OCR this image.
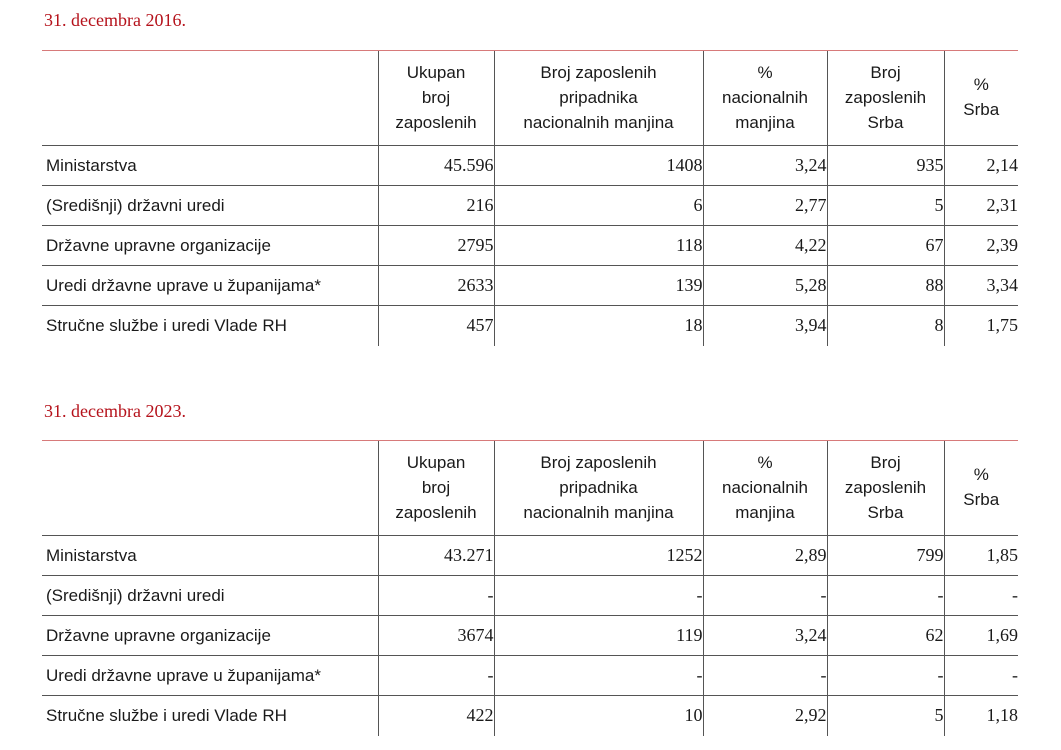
31. decembra 2016.
	Ukupan
broj
zaposlenih	Broj zaposlenih
pripadnika
nacionalnih manjina	%
nacionalnih
manjina	Broj
zaposlenih
Srba	%
Srba
Ministarstva	45.596	1408	3,24	935	2,14
(Središnji) državni uredi	216	6	2,77	5	2,31
Državne upravne organizacije	2795	118	4,22	67	2,39
Uredi državne uprave u županijama*	2633	139	5,28	88	3,34
Stručne službe i uredi Vlade RH	457	18	3,94	8	1,75
31. decembra 2023.
	Ukupan
broj
zaposlenih	Broj zaposlenih
pripadnika
nacionalnih manjina	%
nacionalnih
manjina	Broj
zaposlenih
Srba	%
Srba
Ministarstva	43.271	1252	2,89	799	1,85
(Središnji) državni uredi	-	-	-	-	-
Državne upravne organizacije	3674	119	3,24	62	1,69
Uredi državne uprave u županijama*	-	-	-	-	-
Stručne službe i uredi Vlade RH	422	10	2,92	5	1,18
